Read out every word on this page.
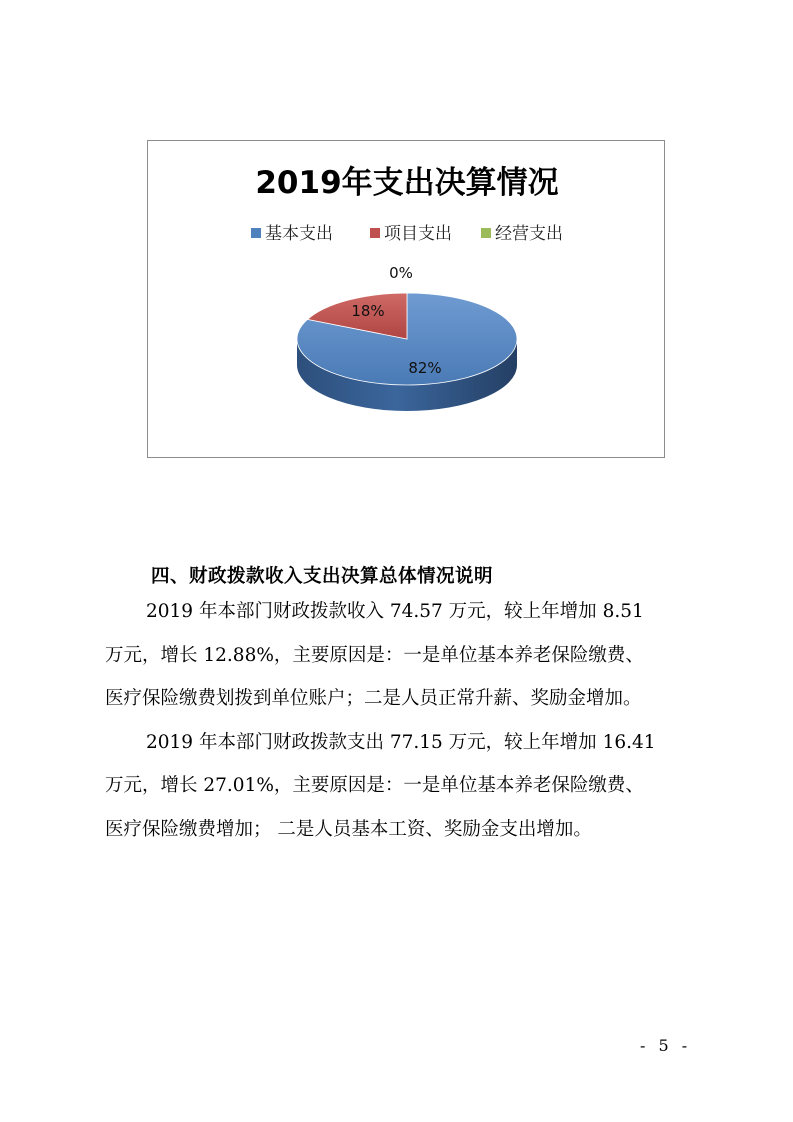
2019年支出决算情况
基本支出	项目支出	经营支出
82%
18%
0%
四、财政拨款收入支出决算总体情况说明
2019 年本部门财政拨款收入 74.57 万元，较上年增加 8.51
万元，增长 12.88%，主要原因是：一是单位基本养老保险缴费、
医疗保险缴费划拨到单位账户；二是人员正常升薪、奖励金增加。
2019 年本部门财政拨款支出 77.15 万元，较上年增加 16.41
万元，增长 27.01%，主要原因是：一是单位基本养老保险缴费、
医疗保险缴费增加； 二是人员基本工资、奖励金支出增加。
- 5 -
